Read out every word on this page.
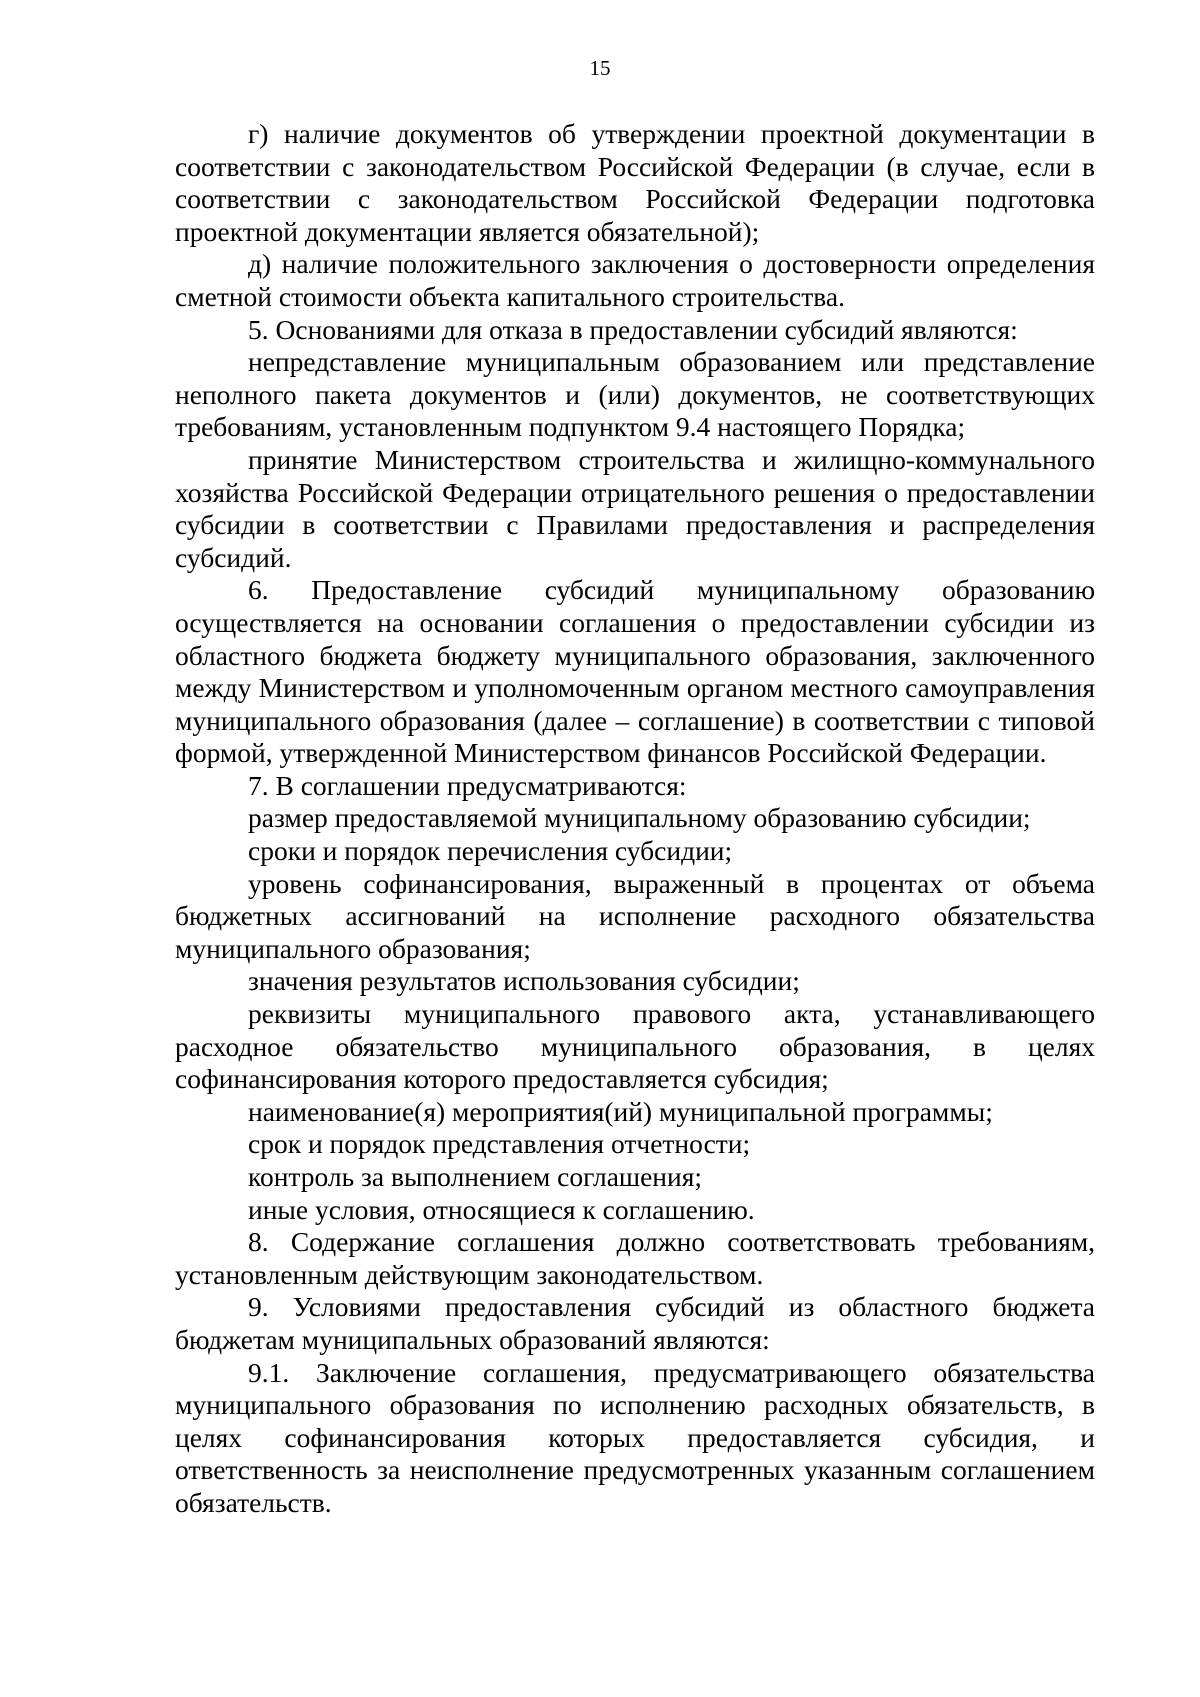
15

г) наличие документов об утверждении проектной документации в соответствии с законодательством Российской Федерации (в случае, если в соответствии с законодательством Российской Федерации подготовка проектной документации является обязательной);

д) наличие положительного заключения о достоверности определения сметной стоимости объекта капитального строительства.

5. Основаниями для отказа в предоставлении субсидий являются:

непредставление муниципальным образованием или представление неполного пакета документов и (или) документов, не соответствующих требованиям, установленным подпунктом 9.4 настоящего Порядка;

принятие Министерством строительства и жилищно-коммунального хозяйства Российской Федерации отрицательного решения о предоставлении субсидии в соответствии с Правилами предоставления и распределения субсидий.

6. Предоставление субсидий муниципальному образованию осуществляется на основании соглашения о предоставлении субсидии из областного бюджета бюджету муниципального образования, заключенного между Министерством и уполномоченным органом местного самоуправления муниципального образования (далее – соглашение) в соответствии с типовой формой, утвержденной Министерством финансов Российской Федерации.

7. В соглашении предусматриваются:

размер предоставляемой муниципальному образованию субсидии;

сроки и порядок перечисления субсидии;

уровень софинансирования, выраженный в процентах от объема бюджетных ассигнований на исполнение расходного обязательства муниципального образования;

значения результатов использования субсидии;

реквизиты муниципального правового акта, устанавливающего расходное обязательство муниципального образования, в целях софинансирования которого предоставляется субсидия;

наименование(я) мероприятия(ий) муниципальной программы;

срок и порядок представления отчетности;

контроль за выполнением соглашения;

иные условия, относящиеся к соглашению.

8. Содержание соглашения должно соответствовать требованиям, установленным действующим законодательством.

9. Условиями предоставления субсидий из областного бюджета бюджетам муниципальных образований являются:

9.1. Заключение соглашения, предусматривающего обязательства муниципального образования по исполнению расходных обязательств, в целях софинансирования которых предоставляется субсидия, и ответственность за неисполнение предусмотренных указанным соглашением обязательств.
